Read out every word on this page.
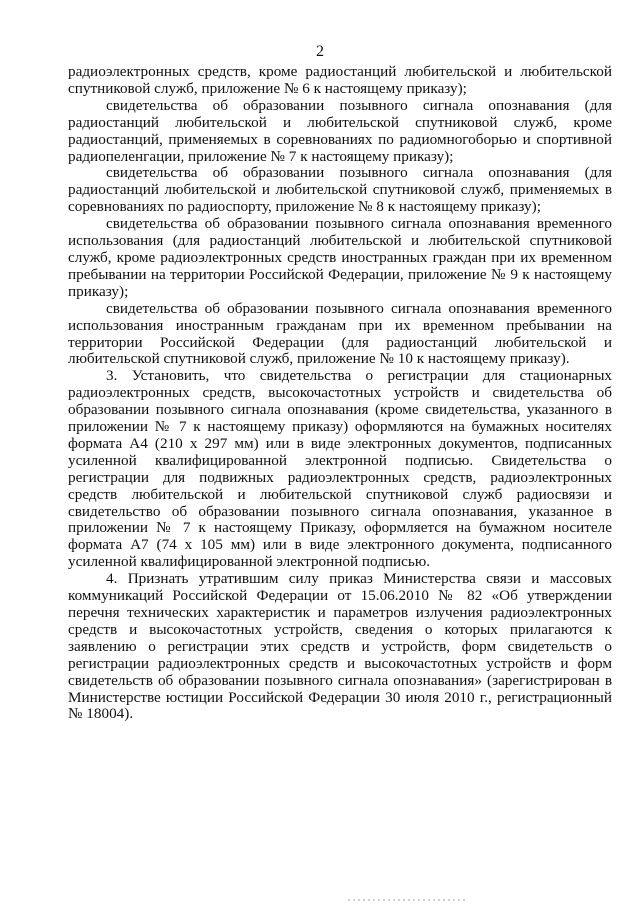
2

радиоэлектронных средств, кроме радиостанций любительской и любительской спутниковой служб, приложение № 6 к настоящему приказу);

свидетельства об образовании позывного сигнала опознавания (для радиостанций любительской и любительской спутниковой служб, кроме радиостанций, применяемых в соревнованиях по радиомногоборью и спортивной радиопеленгации, приложение № 7 к настоящему приказу);

свидетельства об образовании позывного сигнала опознавания (для радиостанций любительской и любительской спутниковой служб, применяемых в соревнованиях по радиоспорту, приложение № 8 к настоящему приказу);

свидетельства об образовании позывного сигнала опознавания временного использования (для радиостанций любительской и любительской спутниковой служб, кроме радиоэлектронных средств иностранных граждан при их временном пребывании на территории Российской Федерации, приложение № 9 к настоящему приказу);

свидетельства об образовании позывного сигнала опознавания временного использования иностранным гражданам при их временном пребывании на территории Российской Федерации (для радиостанций любительской и любительской спутниковой служб, приложение № 10 к настоящему приказу).

3. Установить, что свидетельства о регистрации для стационарных радиоэлектронных средств, высокочастотных устройств и свидетельства об образовании позывного сигнала опознавания (кроме свидетельства, указанного в приложении № 7 к настоящему приказу) оформляются на бумажных носителях формата А4 (210 x 297 мм) или в виде электронных документов, подписанных усиленной квалифицированной электронной подписью. Свидетельства о регистрации для подвижных радиоэлектронных средств, радиоэлектронных средств любительской и любительской спутниковой служб радиосвязи и свидетельство об образовании позывного сигнала опознавания, указанное в приложении № 7 к настоящему Приказу, оформляется на бумажном носителе формата А7 (74 x 105 мм) или в виде электронного документа, подписанного усиленной квалифицированной электронной подписью.

4. Признать утратившим силу приказ Министерства связи и массовых коммуникаций Российской Федерации от 15.06.2010 № 82 «Об утверждении перечня технических характеристик и параметров излучения радиоэлектронных средств и высокочастотных устройств, сведения о которых прилагаются к заявлению о регистрации этих средств и устройств, форм свидетельств о регистрации радиоэлектронных средств и высокочастотных устройств и форм свидетельств об образовании позывного сигнала опознавания» (зарегистрирован в Министерстве юстиции Российской Федерации 30 июля 2010 г., регистрационный № 18004).
